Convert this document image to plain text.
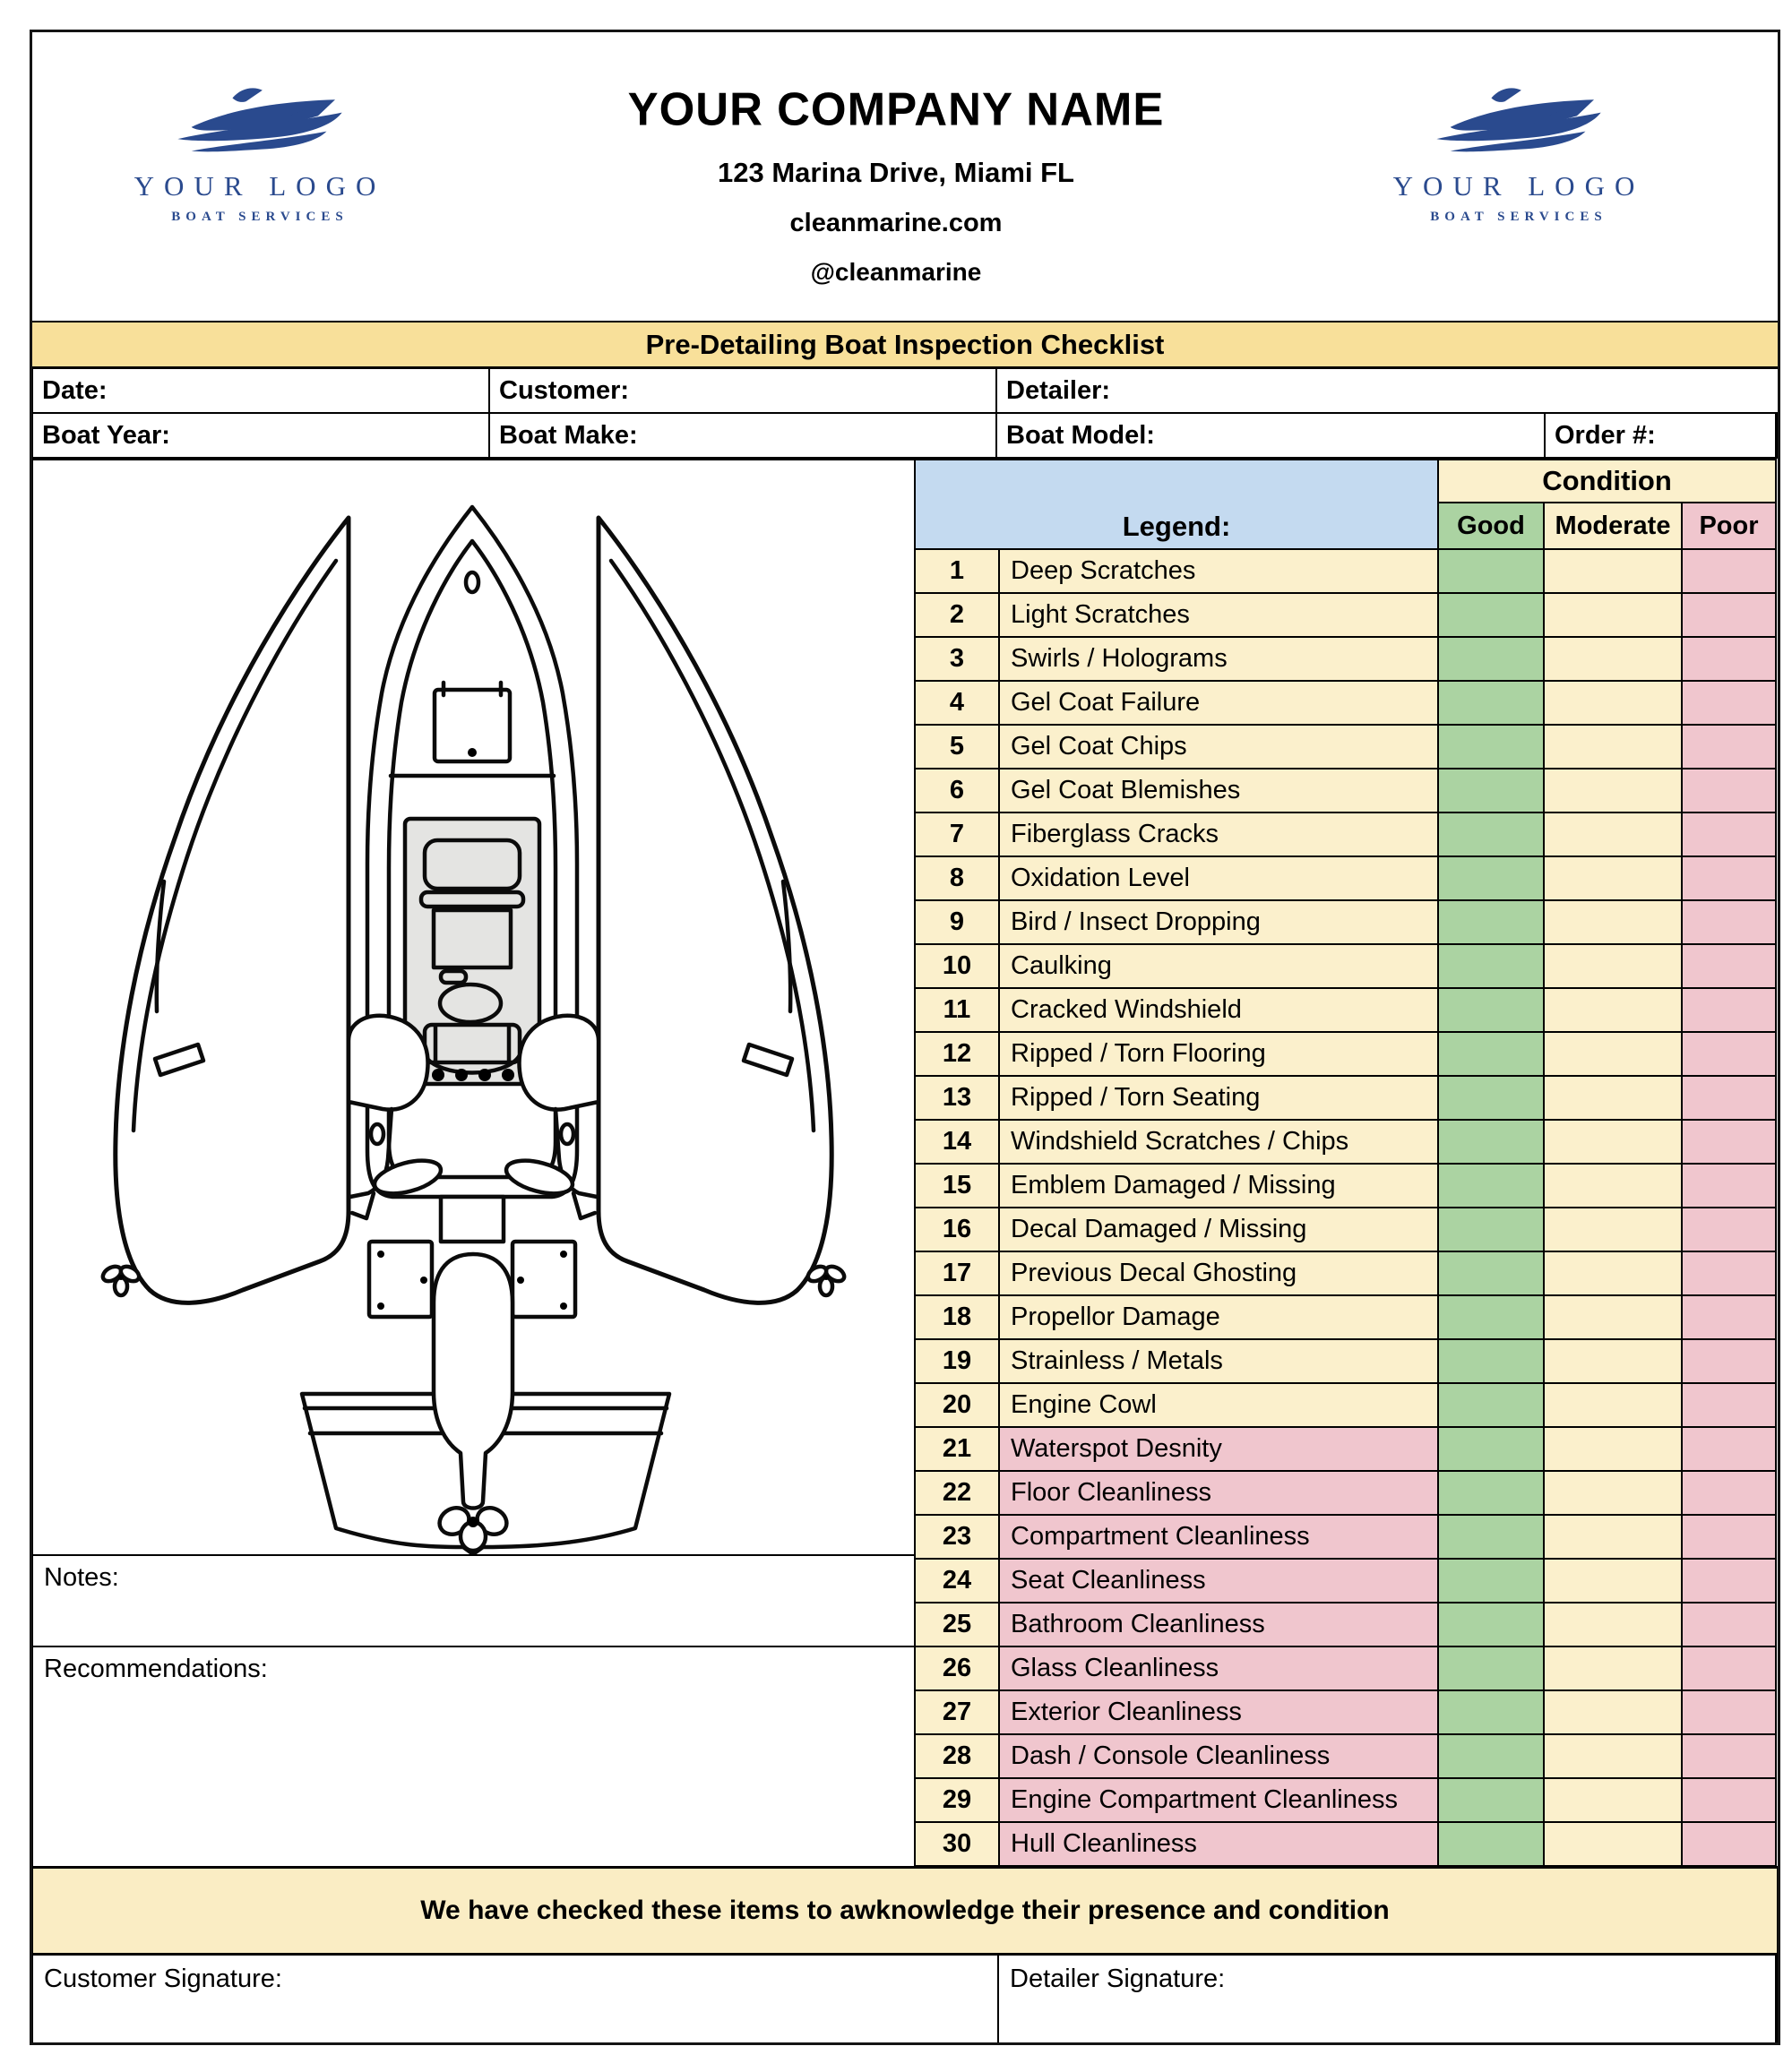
YOUR LOGO
BOAT SERVICES
YOUR LOGO
BOAT SERVICES
YOUR COMPANY NAME
123 Marina Drive, Miami FL
cleanmarine.com
@cleanmarine
Pre-Detailing Boat Inspection Checklist
Date:	Customer:	Detailer:
Boat Year:	Boat Make:	Boat Model:	Order #:
Notes:
Recommendations:
Legend:
Condition
Good Moderate Poor
1	Deep Scratches
2	Light Scratches
3	Swirls / Holograms
4	Gel Coat Failure
5	Gel Coat Chips
6	Gel Coat Blemishes
7	Fiberglass Cracks
8	Oxidation Level
9	Bird / Insect Dropping
10	Caulking
11	Cracked Windshield
12	Ripped / Torn Flooring
13	Ripped / Torn Seating
14	Windshield Scratches / Chips
15	Emblem Damaged / Missing
16	Decal Damaged / Missing
17	Previous Decal Ghosting
18	Propellor Damage
19	Strainless / Metals
20	Engine Cowl
21	Waterspot Desnity
22	Floor Cleanliness
23	Compartment Cleanliness
24	Seat Cleanliness
25	Bathroom Cleanliness
26	Glass Cleanliness
27	Exterior Cleanliness
28	Dash / Console Cleanliness
29	Engine Compartment Cleanliness
30	Hull Cleanliness
We have checked these items to awknowledge their presence and condition
Customer Signature:	Detailer Signature:
